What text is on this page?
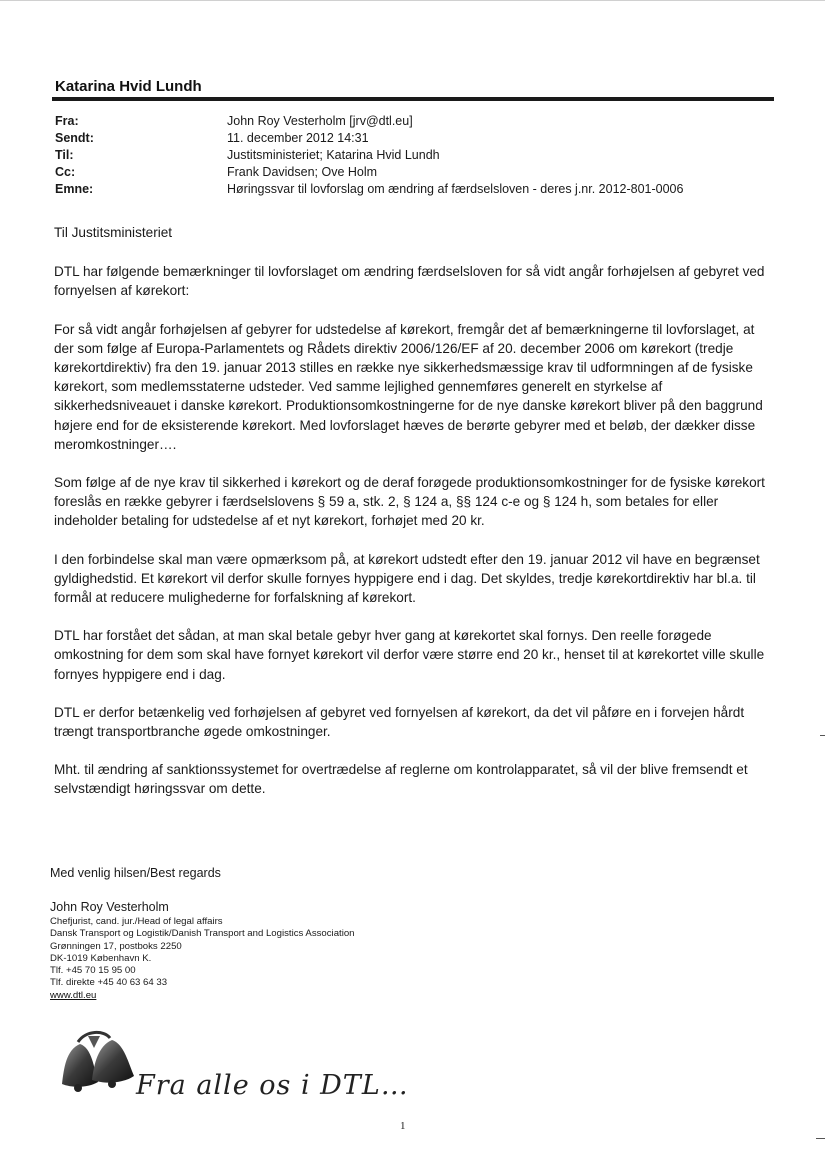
Katarina Hvid Lundh
Fra:	John Roy Vesterholm [jrv@dtl.eu]
Sendt:	11. december 2012 14:31
Til:	Justitsministeriet; Katarina Hvid Lundh
Cc:	Frank Davidsen; Ove Holm
Emne:	Høringssvar til lovforslag om ændring af færdselsloven - deres j.nr. 2012-801-0006

Til Justitsministeriet

DTL har følgende bemærkninger til lovforslaget om ændring færdselsloven for så vidt angår forhøjelsen af gebyret ved fornyelsen af kørekort:

For så vidt angår forhøjelsen af gebyrer for udstedelse af kørekort, fremgår det af bemærkningerne til lovforslaget, at der som følge af Europa-Parlamentets og Rådets direktiv 2006/126/EF af 20. december 2006 om kørekort (tredje kørekortdirektiv) fra den 19. januar 2013 stilles en række nye sikkerhedsmæssige krav til udformningen af de fysiske kørekort, som medlemsstaterne udsteder. Ved samme lejlighed gennemføres generelt en styrkelse af sikkerhedsniveauet i danske kørekort. Produktionsomkostningerne for de nye danske kørekort bliver på den baggrund højere end for de eksisterende kørekort. Med lovforslaget hæves de berørte gebyrer med et beløb, der dækker disse meromkostninger….

Som følge af de nye krav til sikkerhed i kørekort og de deraf forøgede produktionsomkostninger for de fysiske kørekort foreslås en række gebyrer i færdselslovens § 59 a, stk. 2, § 124 a, §§ 124 c-e og § 124 h, som betales for eller indeholder betaling for udstedelse af et nyt kørekort, forhøjet med 20 kr.

I den forbindelse skal man være opmærksom på, at kørekort udstedt efter den 19. januar 2012 vil have en begrænset gyldighedstid. Et kørekort vil derfor skulle fornyes hyppigere end i dag. Det skyldes, tredje kørekortdirektiv har bl.a. til formål at reducere mulighederne for forfalskning af kørekort.

DTL har forstået det sådan, at man skal betale gebyr hver gang at kørekortet skal fornys. Den reelle forøgede omkostning for dem som skal have fornyet kørekort vil derfor være større end 20 kr., henset til at kørekortet ville skulle fornyes hyppigere end i dag.

DTL er derfor betænkelig ved forhøjelsen af gebyret ved fornyelsen af kørekort, da det vil påføre en i forvejen hårdt trængt transportbranche øgede omkostninger.

Mht. til ændring af sanktionssystemet for overtrædelse af reglerne om kontrolapparatet, så vil der blive fremsendt et selvstændigt høringssvar om dette.

Med venlig hilsen/Best regards
John Roy Vesterholm
Chefjurist, cand. jur./Head of legal affairs
Dansk Transport og Logistik/Danish Transport and Logistics Association
Grønningen 17, postboks 2250
DK-1019 København K.
Tlf. +45 70 15 95 00
Tlf. direkte +45 40 63 64 33
www.dtl.eu
Fra alle os i DTL…
1
